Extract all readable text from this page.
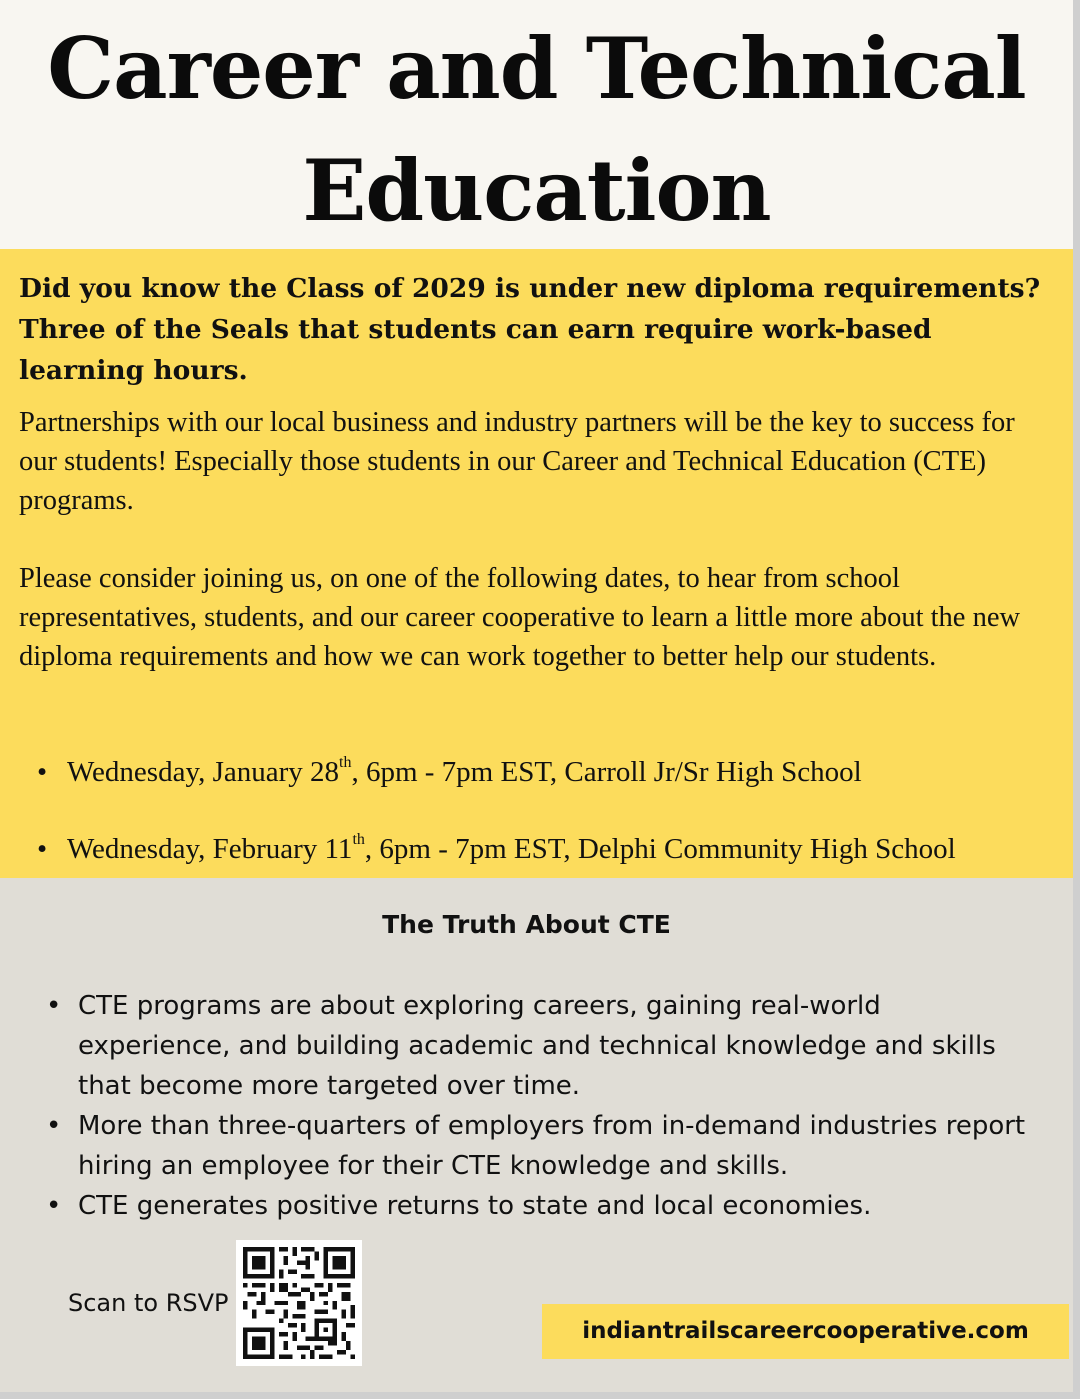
Career and Technical
Education
Did you know the Class of 2029 is under new diploma requirements? Three of the Seals that students can earn require work-based learning hours.

Partnerships with our local business and industry partners will be the key to success for our students! Especially those students in our Career and Technical Education (CTE) programs.

Please consider joining us, on one of the following dates, to hear from school representatives, students, and our career cooperative to learn a little more about the new diploma requirements and how we can work together to better help our students.

• Wednesday, January 28th, 6pm - 7pm EST, Carroll Jr/Sr High School
• Wednesday, February 11th, 6pm - 7pm EST, Delphi Community High School
The Truth About CTE
• CTE programs are about exploring careers, gaining real-world experience, and building academic and technical knowledge and skills that become more targeted over time.
• More than three-quarters of employers from in-demand industries report hiring an employee for their CTE knowledge and skills.
• CTE generates positive returns to state and local economies.
Scan to RSVP
indiantrailscareercooperative.com
